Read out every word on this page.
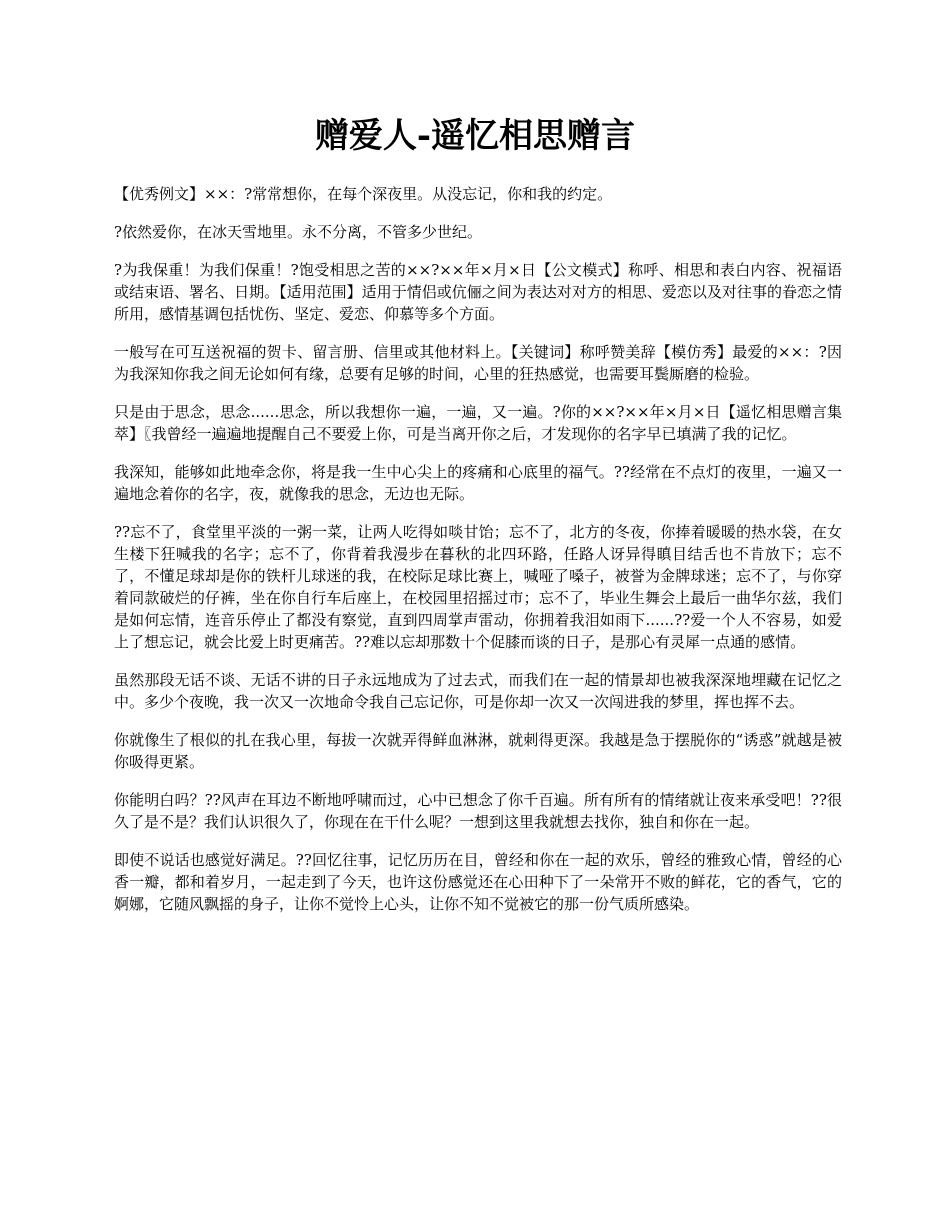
赠爱人-遥忆相思赠言

【优秀例文】××：?常常想你，在每个深夜里。从没忘记，你和我的约定。

?依然爱你，在冰天雪地里。永不分离，不管多少世纪。

?为我保重！为我们保重！?饱受相思之苦的××?××年×月×日【公文模式】称呼、相思和表白内容、祝福语或结束语、署名、日期。【适用范围】适用于情侣或伉俪之间为表达对对方的相思、爱恋以及对往事的眷恋之情所用，感情基调包括忧伤、坚定、爱恋、仰慕等多个方面。

一般写在可互送祝福的贺卡、留言册、信里或其他材料上。【关键词】称呼赞美辞【模仿秀】最爱的××：?因为我深知你我之间无论如何有缘，总要有足够的时间，心里的狂热感觉，也需要耳鬓厮磨的检验。

只是由于思念，思念......思念，所以我想你一遍，一遍，又一遍。?你的××?××年×月×日【遥忆相思赠言集萃】〖我曾经一遍遍地提醒自己不要爱上你，可是当离开你之后，才发现你的名字早已填满了我的记忆。

我深知，能够如此地牵念你，将是我一生中心尖上的疼痛和心底里的福气。??经常在不点灯的夜里，一遍又一遍地念着你的名字，夜，就像我的思念，无边也无际。

??忘不了，食堂里平淡的一粥一菜，让两人吃得如啖甘饴；忘不了，北方的冬夜，你捧着暖暖的热水袋，在女生楼下狂喊我的名字；忘不了，你背着我漫步在暮秋的北四环路，任路人讶异得瞋目结舌也不肯放下；忘不了，不懂足球却是你的铁杆儿球迷的我，在校际足球比赛上，喊哑了嗓子，被誉为金牌球迷；忘不了，与你穿着同款破烂的仔裤，坐在你自行车后座上，在校园里招摇过市；忘不了，毕业生舞会上最后一曲华尔兹，我们是如何忘情，连音乐停止了都没有察觉，直到四周掌声雷动，你拥着我泪如雨下......??爱一个人不容易，如爱上了想忘记，就会比爱上时更痛苦。??难以忘却那数十个促膝而谈的日子，是那心有灵犀一点通的感情。

虽然那段无话不谈、无话不讲的日子永远地成为了过去式，而我们在一起的情景却也被我深深地埋藏在记忆之中。多少个夜晚，我一次又一次地命令我自己忘记你，可是你却一次又一次闯进我的梦里，挥也挥不去。

你就像生了根似的扎在我心里，每拔一次就弄得鲜血淋淋，就刺得更深。我越是急于摆脱你的“诱惑”就越是被你吸得更紧。

你能明白吗？??风声在耳边不断地呼啸而过，心中已想念了你千百遍。所有所有的情绪就让夜来承受吧！??很久了是不是？我们认识很久了，你现在在干什么呢？一想到这里我就想去找你，独自和你在一起。

即使不说话也感觉好满足。??回忆往事，记忆历历在目，曾经和你在一起的欢乐，曾经的雅致心情，曾经的心香一瓣，都和着岁月，一起走到了今天，也许这份感觉还在心田种下了一朵常开不败的鲜花，它的香气，它的婀娜，它随风飘摇的身子，让你不觉怜上心头，让你不知不觉被它的那一份气质所感染。
